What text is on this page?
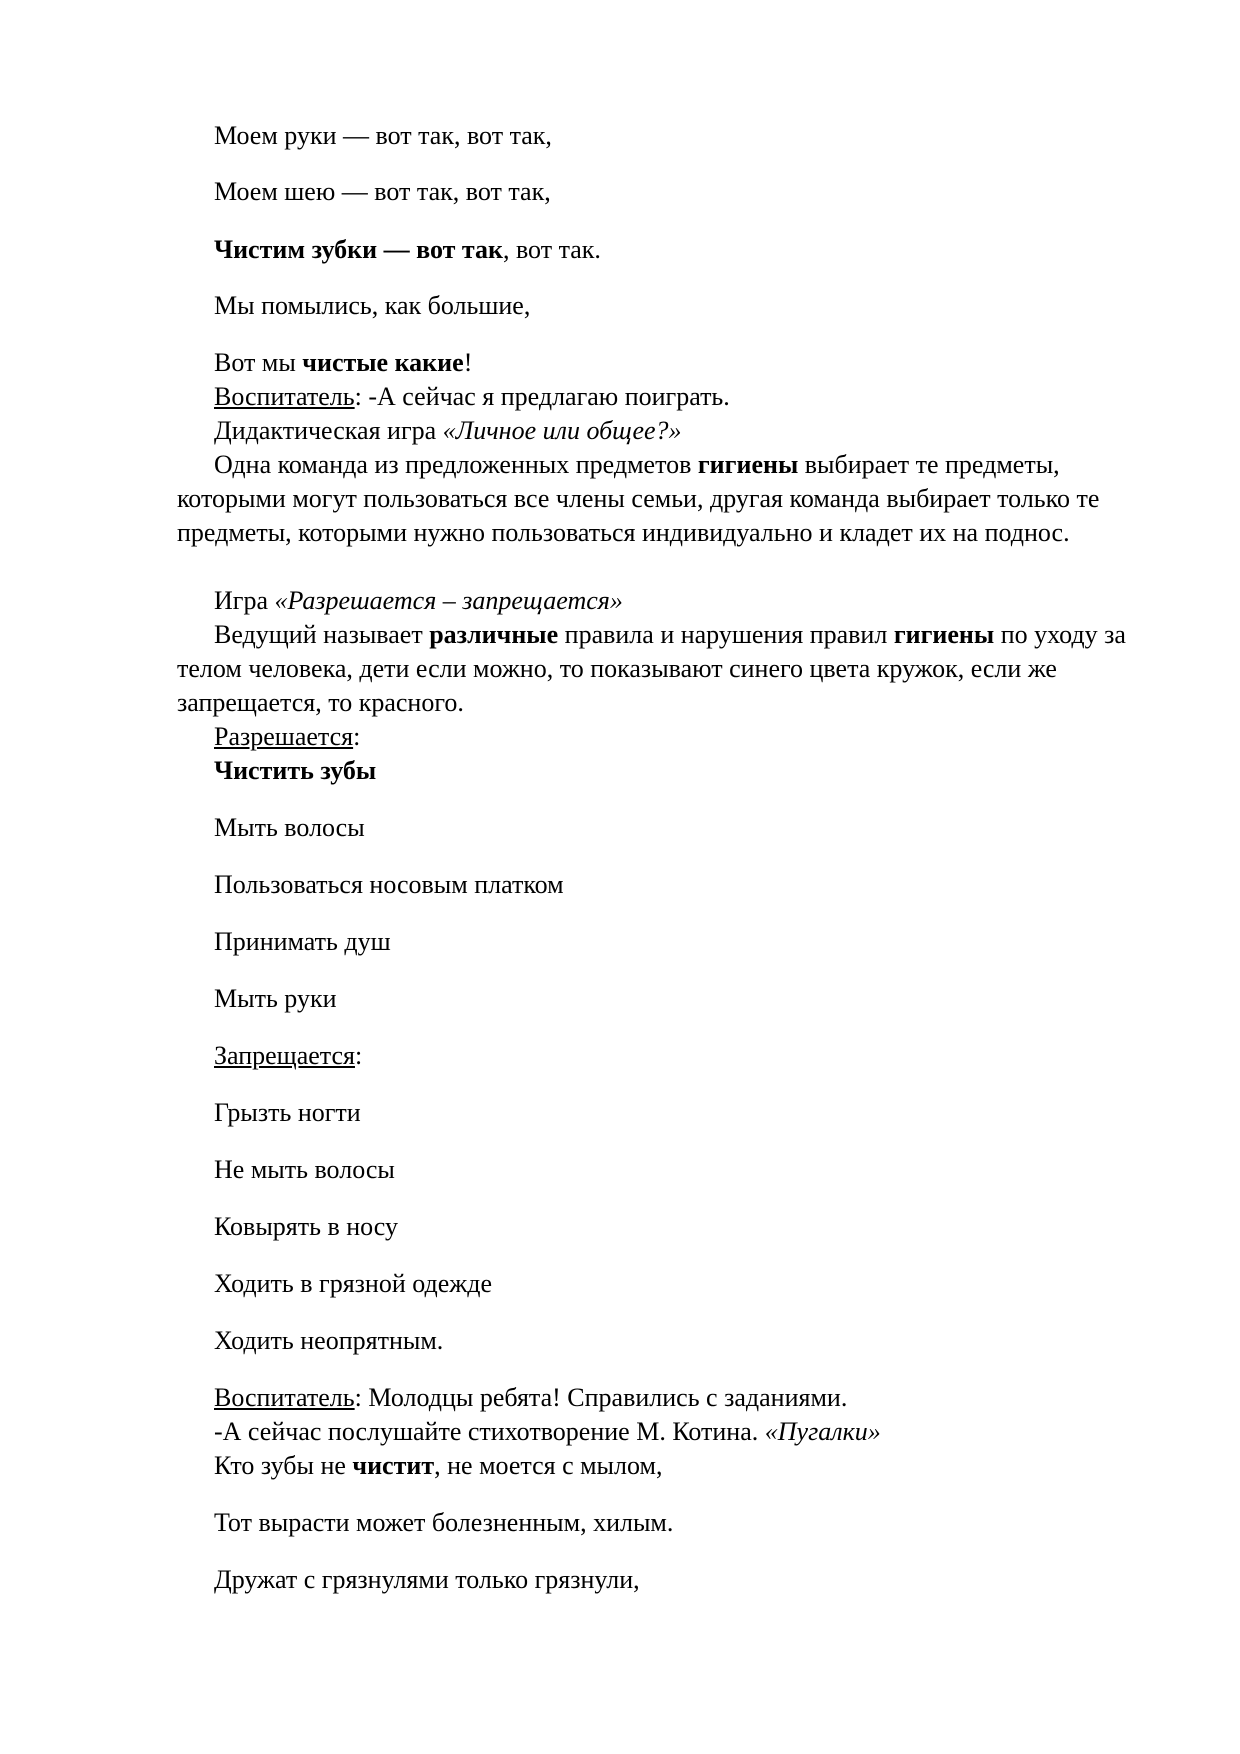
Моем руки — вот так, вот так,
Моем шею — вот так, вот так,
Чистим зубки — вот так, вот так.
Мы помылись, как большие,
Вот мы чистые какие!
Воспитатель: -А сейчас я предлагаю поиграть.
Дидактическая игра «Личное или общее?»
Одна команда из предложенных предметов гигиены выбирает те предметы, которыми могут пользоваться все члены семьи, другая команда выбирает только те предметы, которыми нужно пользоваться индивидуально и кладет их на поднос.
Игра «Разрешается – запрещается»
Ведущий называет различные правила и нарушения правил гигиены по уходу за телом человека, дети если можно, то показывают синего цвета кружок, если же запрещается, то красного.
Разрешается:
Чистить зубы
Мыть волосы
Пользоваться носовым платком
Принимать душ
Мыть руки
Запрещается:
Грызть ногти
Не мыть волосы
Ковырять в носу
Ходить в грязной одежде
Ходить неопрятным.
Воспитатель: Молодцы ребята! Справились с заданиями.
-А сейчас послушайте стихотворение М. Котина. «Пугалки»
Кто зубы не чистит, не моется с мылом,
Тот вырасти может болезненным, хилым.
Дружат с грязнулями только грязнули,
